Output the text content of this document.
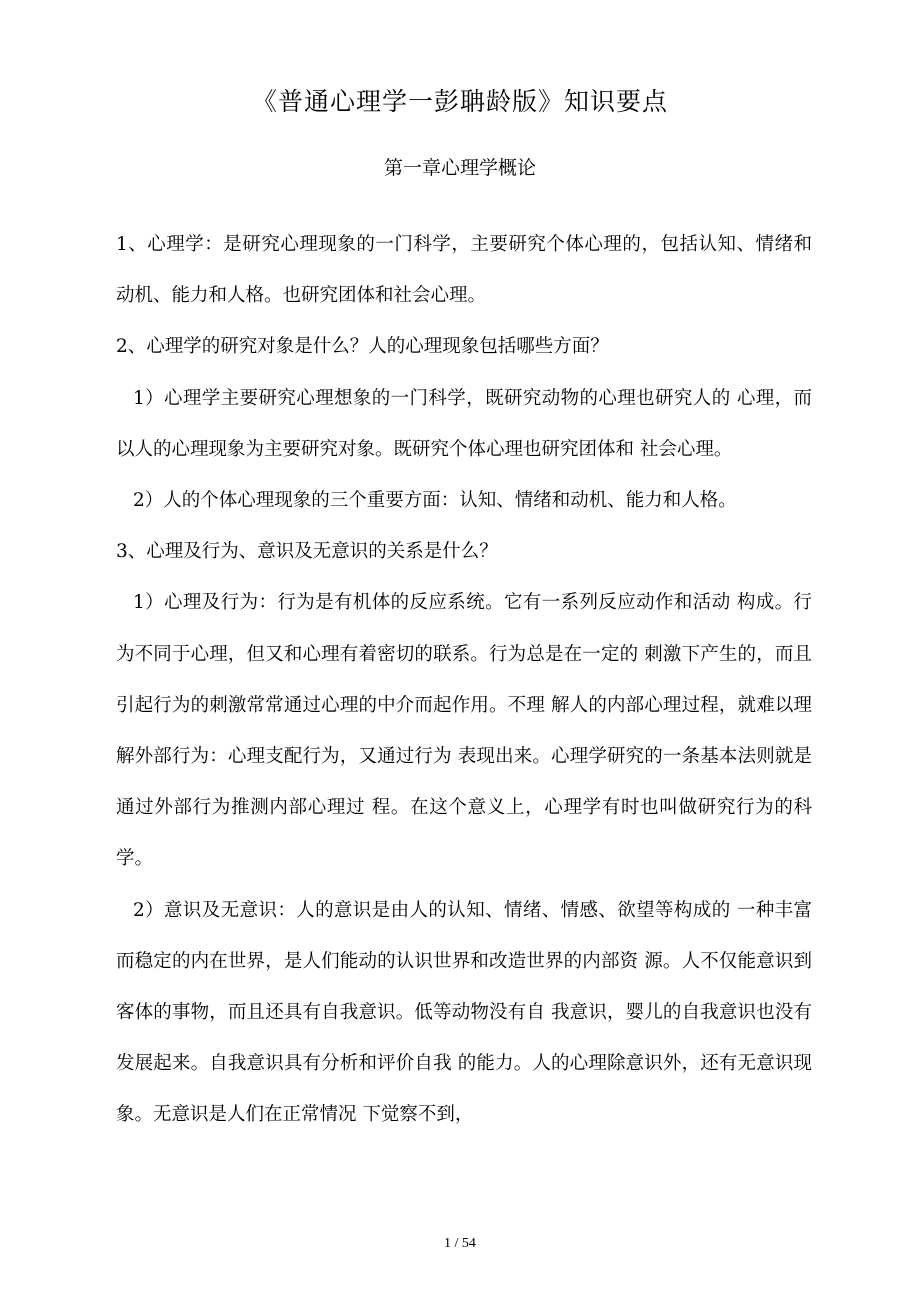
《普通心理学一彭聃龄版》知识要点
第一章心理学概论

1、心理学：是研究心理现象的一门科学，主要研究个体心理的，包括认知、情绪和动机、能力和人格。也研究团体和社会心理。

2、心理学的研究对象是什么？人的心理现象包括哪些方面？

1）心理学主要研究心理想象的一门科学，既研究动物的心理也研究人的 心理，而以人的心理现象为主要研究对象。既研究个体心理也研究团体和 社会心理。

2）人的个体心理现象的三个重要方面：认知、情绪和动机、能力和人格。

3、心理及行为、意识及无意识的关系是什么？

1）心理及行为：行为是有机体的反应系统。它有一系列反应动作和活动 构成。行为不同于心理，但又和心理有着密切的联系。行为总是在一定的 刺激下产生的，而且引起行为的刺激常常通过心理的中介而起作用。不理 解人的内部心理过程，就难以理解外部行为：心理支配行为，又通过行为 表现出来。心理学研究的一条基本法则就是通过外部行为推测内部心理过 程。在这个意义上，心理学有时也叫做研究行为的科学。

2）意识及无意识：人的意识是由人的认知、情绪、情感、欲望等构成的 一种丰富而稳定的内在世界，是人们能动的认识世界和改造世界的内部资 源。人不仅能意识到客体的事物，而且还具有自我意识。低等动物没有自 我意识，婴儿的自我意识也没有发展起来。自我意识具有分析和评价自我 的能力。人的心理除意识外，还有无意识现象。无意识是人们在正常情况 下觉察不到，

1 / 54
